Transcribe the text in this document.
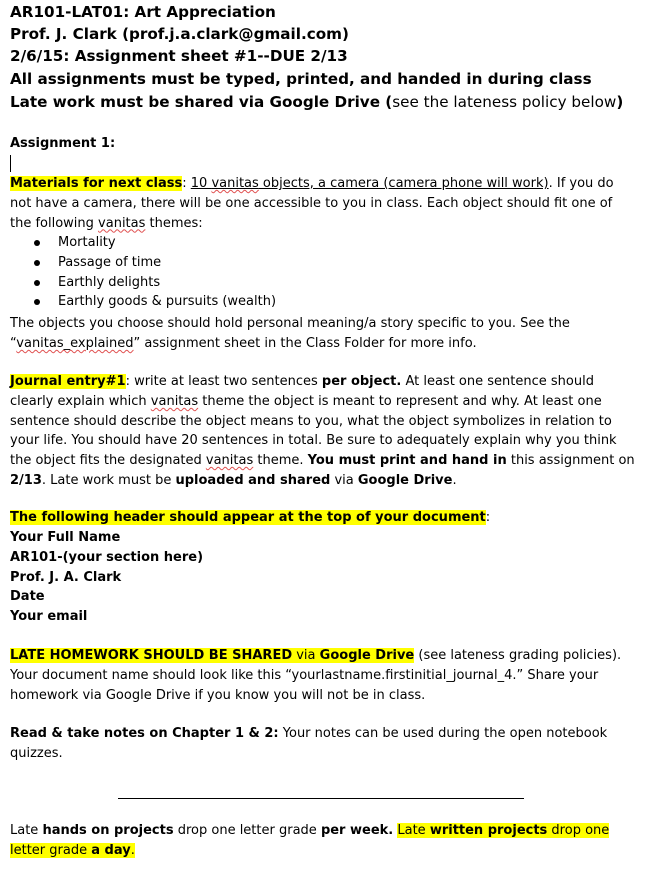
AR101-LAT01: Art Appreciation
Prof. J. Clark (prof.j.a.clark@gmail.com)
2/6/15: Assignment sheet #1--DUE 2/13
All assignments must be typed, printed, and handed in during class
Late work must be shared via Google Drive (see the lateness policy below)
Assignment 1:
Materials for next class: 10 vanitas objects, a camera (camera phone will work). If you do not have a camera, there will be one accessible to you in class. Each object should fit one of the following vanitas themes:
Mortality
Passage of time
Earthly delights
Earthly goods & pursuits (wealth)
The objects you choose should hold personal meaning/a story specific to you. See the “vanitas_explained” assignment sheet in the Class Folder for more info.
Journal entry#1: write at least two sentences per object. At least one sentence should clearly explain which vanitas theme the object is meant to represent and why. At least one sentence should describe the object means to you, what the object symbolizes in relation to your life. You should have 20 sentences in total. Be sure to adequately explain why you think the object fits the designated vanitas theme. You must print and hand in this assignment on 2/13. Late work must be uploaded and shared via Google Drive.
The following header should appear at the top of your document:
Your Full Name
AR101-(your section here)
Prof. J. A. Clark
Date
Your email
LATE HOMEWORK SHOULD BE SHARED via Google Drive (see lateness grading policies). Your document name should look like this “yourlastname.firstinitial_journal_4.” Share your homework via Google Drive if you know you will not be in class.
Read & take notes on Chapter 1 & 2: Your notes can be used during the open notebook quizzes.
Late hands on projects drop one letter grade per week. Late written projects drop one letter grade a day.
